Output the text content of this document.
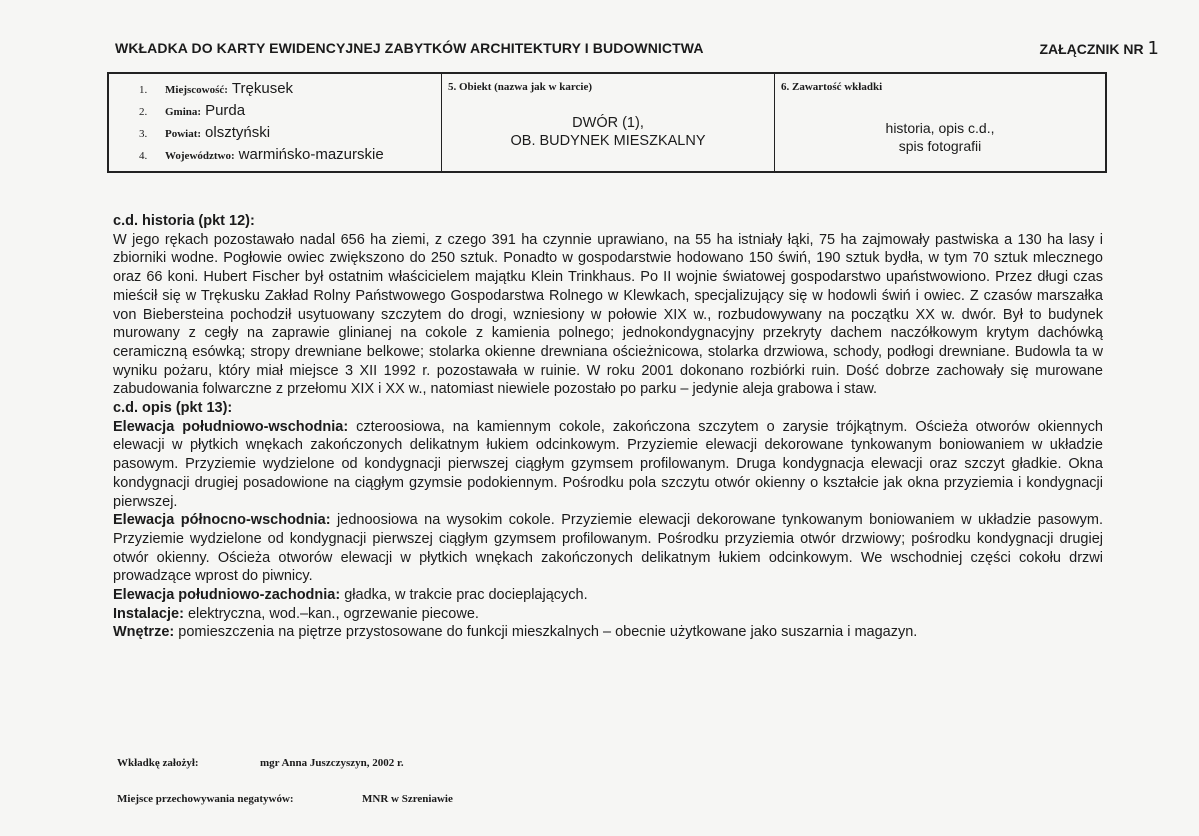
WKŁADKA DO KARTY EWIDENCYJNEJ ZABYTKÓW ARCHITEKTURY I BUDOWNICTWA	ZAŁĄCZNIK NR 1
1.	Miejscowość: Trękusek
2.	Gmina: Purda
3.	Powiat: olsztyński
4.	Województwo: warmińsko-mazurskie
5. Obiekt (nazwa jak w karcie)
DWÓR (1),
OB. BUDYNEK MIESZKALNY
6. Zawartość wkładki
historia, opis c.d.,
spis fotografii
c.d. historia (pkt 12):

W jego rękach pozostawało nadal 656 ha ziemi, z czego 391 ha czynnie uprawiano, na 55 ha istniały łąki, 75 ha zajmowały pastwiska a 130 ha lasy i zbiorniki wodne. Pogłowie owiec zwiększono do 250 sztuk. Ponadto w gospodarstwie hodowano 150 świń, 190 sztuk bydła, w tym 70 sztuk mlecznego oraz 66 koni. Hubert Fischer był ostatnim właścicielem majątku Klein Trinkhaus. Po II wojnie światowej gospodarstwo upaństwowiono. Przez długi czas mieścił się w Trękusku Zakład Rolny Państwowego Gospodarstwa Rolnego w Klewkach, specjalizujący się w hodowli świń i owiec. Z czasów marszałka von Biebersteina pochodził usytuowany szczytem do drogi, wzniesiony w połowie XIX w., rozbudowywany na początku XX w. dwór. Był to budynek murowany z cegły na zaprawie glinianej na cokole z kamienia polnego; jednokondygnacyjny przekryty dachem naczółkowym krytym dachówką ceramiczną esówką; stropy drewniane belkowe; stolarka okienne drewniana ościeżnicowa, stolarka drzwiowa, schody, podłogi drewniane. Budowla ta w wyniku pożaru, który miał miejsce 3 XII 1992 r. pozostawała w ruinie. W roku 2001 dokonano rozbiórki ruin. Dość dobrze zachowały się murowane zabudowania folwarczne z przełomu XIX i XX w., natomiast niewiele pozostało po parku – jedynie aleja grabowa i staw.

c.d. opis (pkt 13):

Elewacja południowo-wschodnia: czteroosiowa, na kamiennym cokole, zakończona szczytem o zarysie trójkątnym. Ościeża otworów okiennych elewacji w płytkich wnękach zakończonych delikatnym łukiem odcinkowym. Przyziemie elewacji dekorowane tynkowanym boniowaniem w układzie pasowym. Przyziemie wydzielone od kondygnacji pierwszej ciągłym gzymsem profilowanym. Druga kondygnacja elewacji oraz szczyt gładkie. Okna kondygnacji drugiej posadowione na ciągłym gzymsie podokiennym. Pośrodku pola szczytu otwór okienny o kształcie jak okna przyziemia i kondygnacji pierwszej.

Elewacja północno-wschodnia: jednoosiowa na wysokim cokole. Przyziemie elewacji dekorowane tynkowanym boniowaniem w układzie pasowym. Przyziemie wydzielone od kondygnacji pierwszej ciągłym gzymsem profilowanym. Pośrodku przyziemia otwór drzwiowy; pośrodku kondygnacji drugiej otwór okienny. Ościeża otworów elewacji w płytkich wnękach zakończonych delikatnym łukiem odcinkowym. We wschodniej części cokołu drzwi prowadzące wprost do piwnicy.

Elewacja południowo-zachodnia: gładka, w trakcie prac docieplających.

Instalacje: elektryczna, wod.–kan., ogrzewanie piecowe.

Wnętrze: pomieszczenia na piętrze przystosowane do funkcji mieszkalnych – obecnie użytkowane jako suszarnia i magazyn.

Wkładkę założył:	mgr Anna Juszczyszyn, 2002 r.
Miejsce przechowywania negatywów:	MNR w Szreniawie
